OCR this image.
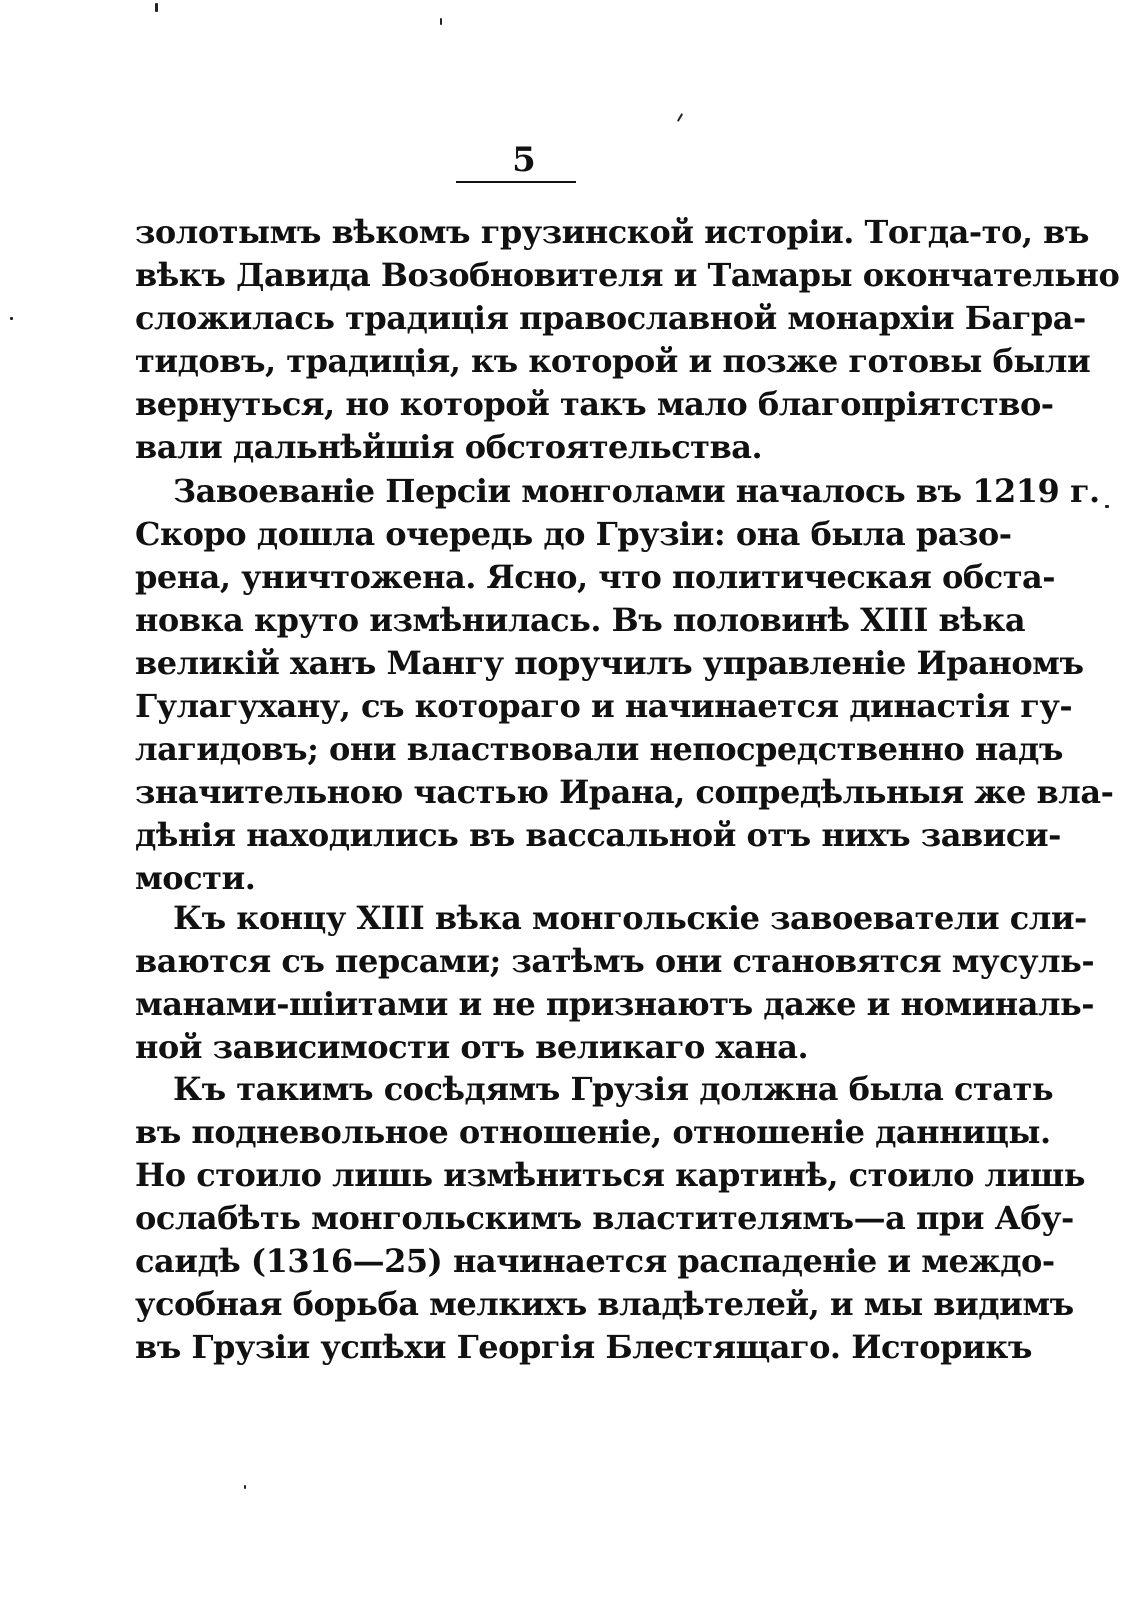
5
золотымъ вѣкомъ грузинской исторіи. Тогда-то, въ
вѣкъ Давида Возобновителя и Тамары окончательно
сложилась традиція православной монархіи Багра-
тидовъ, традиція, къ которой и позже готовы были
вернуться, но которой такъ мало благопріятство-
вали дальнѣйшія обстоятельства.
Завоеваніе Персіи монголами началось въ 1219 г.
Скоро дошла очередь до Грузіи: она была разо-
рена, уничтожена. Ясно, что политическая обста-
новка круто измѣнилась. Въ половинѣ XIII вѣка
великій ханъ Мангу поручилъ управленіе Ираномъ
Гулагухану, съ котораго и начинается династія гу-
лагидовъ; они властвовали непосредственно надъ
значительною частью Ирана, сопредѣльныя же вла-
дѣнія находились въ вассальной отъ нихъ зависи-
мости.
Къ концу XIII вѣка монгольскіе завоеватели сли-
ваются съ персами; затѣмъ они становятся мусуль-
манами-шіитами и не признаютъ даже и номиналь-
ной зависимости отъ великаго хана.
Къ такимъ сосѣдямъ Грузія должна была стать
въ подневольное отношеніе, отношеніе данницы.
Но стоило лишь измѣниться картинѣ, стоило лишь
ослабѣть монгольскимъ властителямъ—а при Абу-
саидѣ (1316—25) начинается распаденіе и междо-
усобная борьба мелкихъ владѣтелей, и мы видимъ
въ Грузіи успѣхи Георгія Блестящаго. Историкъ
